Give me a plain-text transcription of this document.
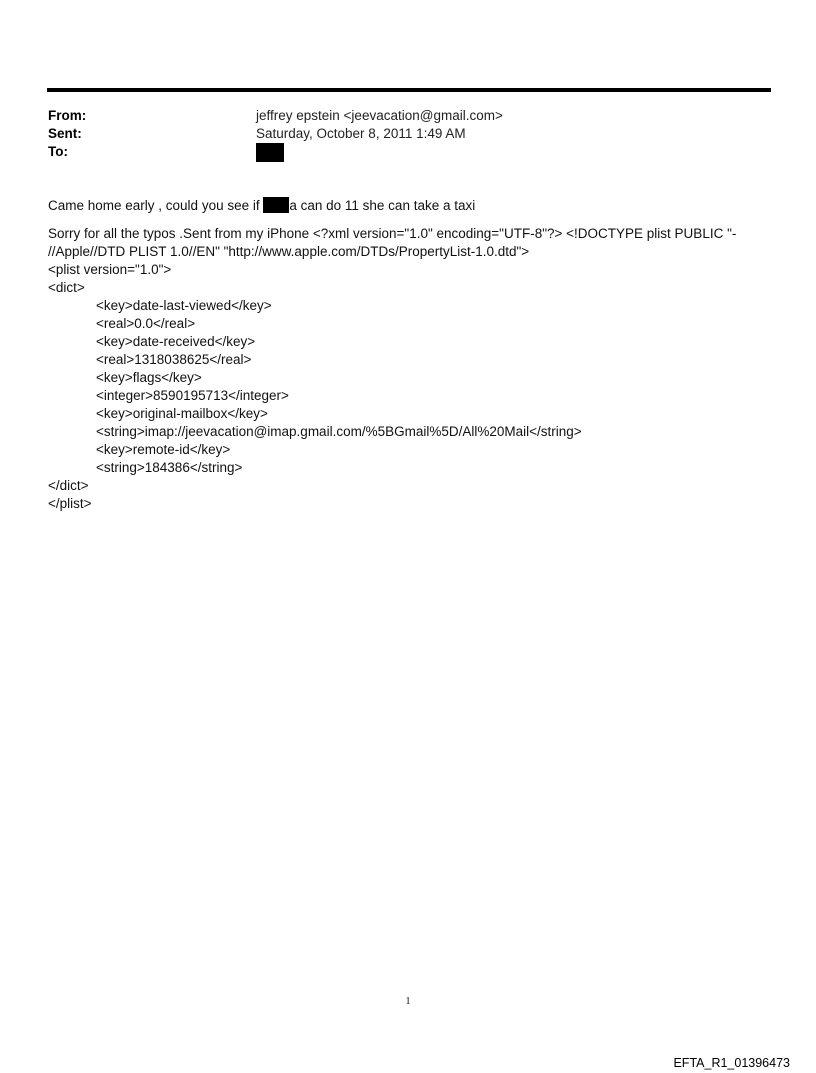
From:	jeffrey epstein <jeevacation@gmail.com>
Sent:	Saturday, October 8, 2011 1:49 AM
To:
Came home early , could you see if a can do 11 she can take a taxi
Sorry for all the typos .Sent from my iPhone <?xml version="1.0" encoding="UTF-8"?> <!DOCTYPE plist PUBLIC "-
//Apple//DTD PLIST 1.0//EN" "http://www.apple.com/DTDs/PropertyList-1.0.dtd">
<plist version="1.0">
<dict>
<key>date-last-viewed</key>
<real>0.0</real>
<key>date-received</key>
<real>1318038625</real>
<key>flags</key>
<integer>8590195713</integer>
<key>original-mailbox</key>
<string>imap://jeevacation@imap.gmail.com/%5BGmail%5D/All%20Mail</string>
<key>remote-id</key>
<string>184386</string>
</dict>
</plist>
1
EFTA_R1_01396473
